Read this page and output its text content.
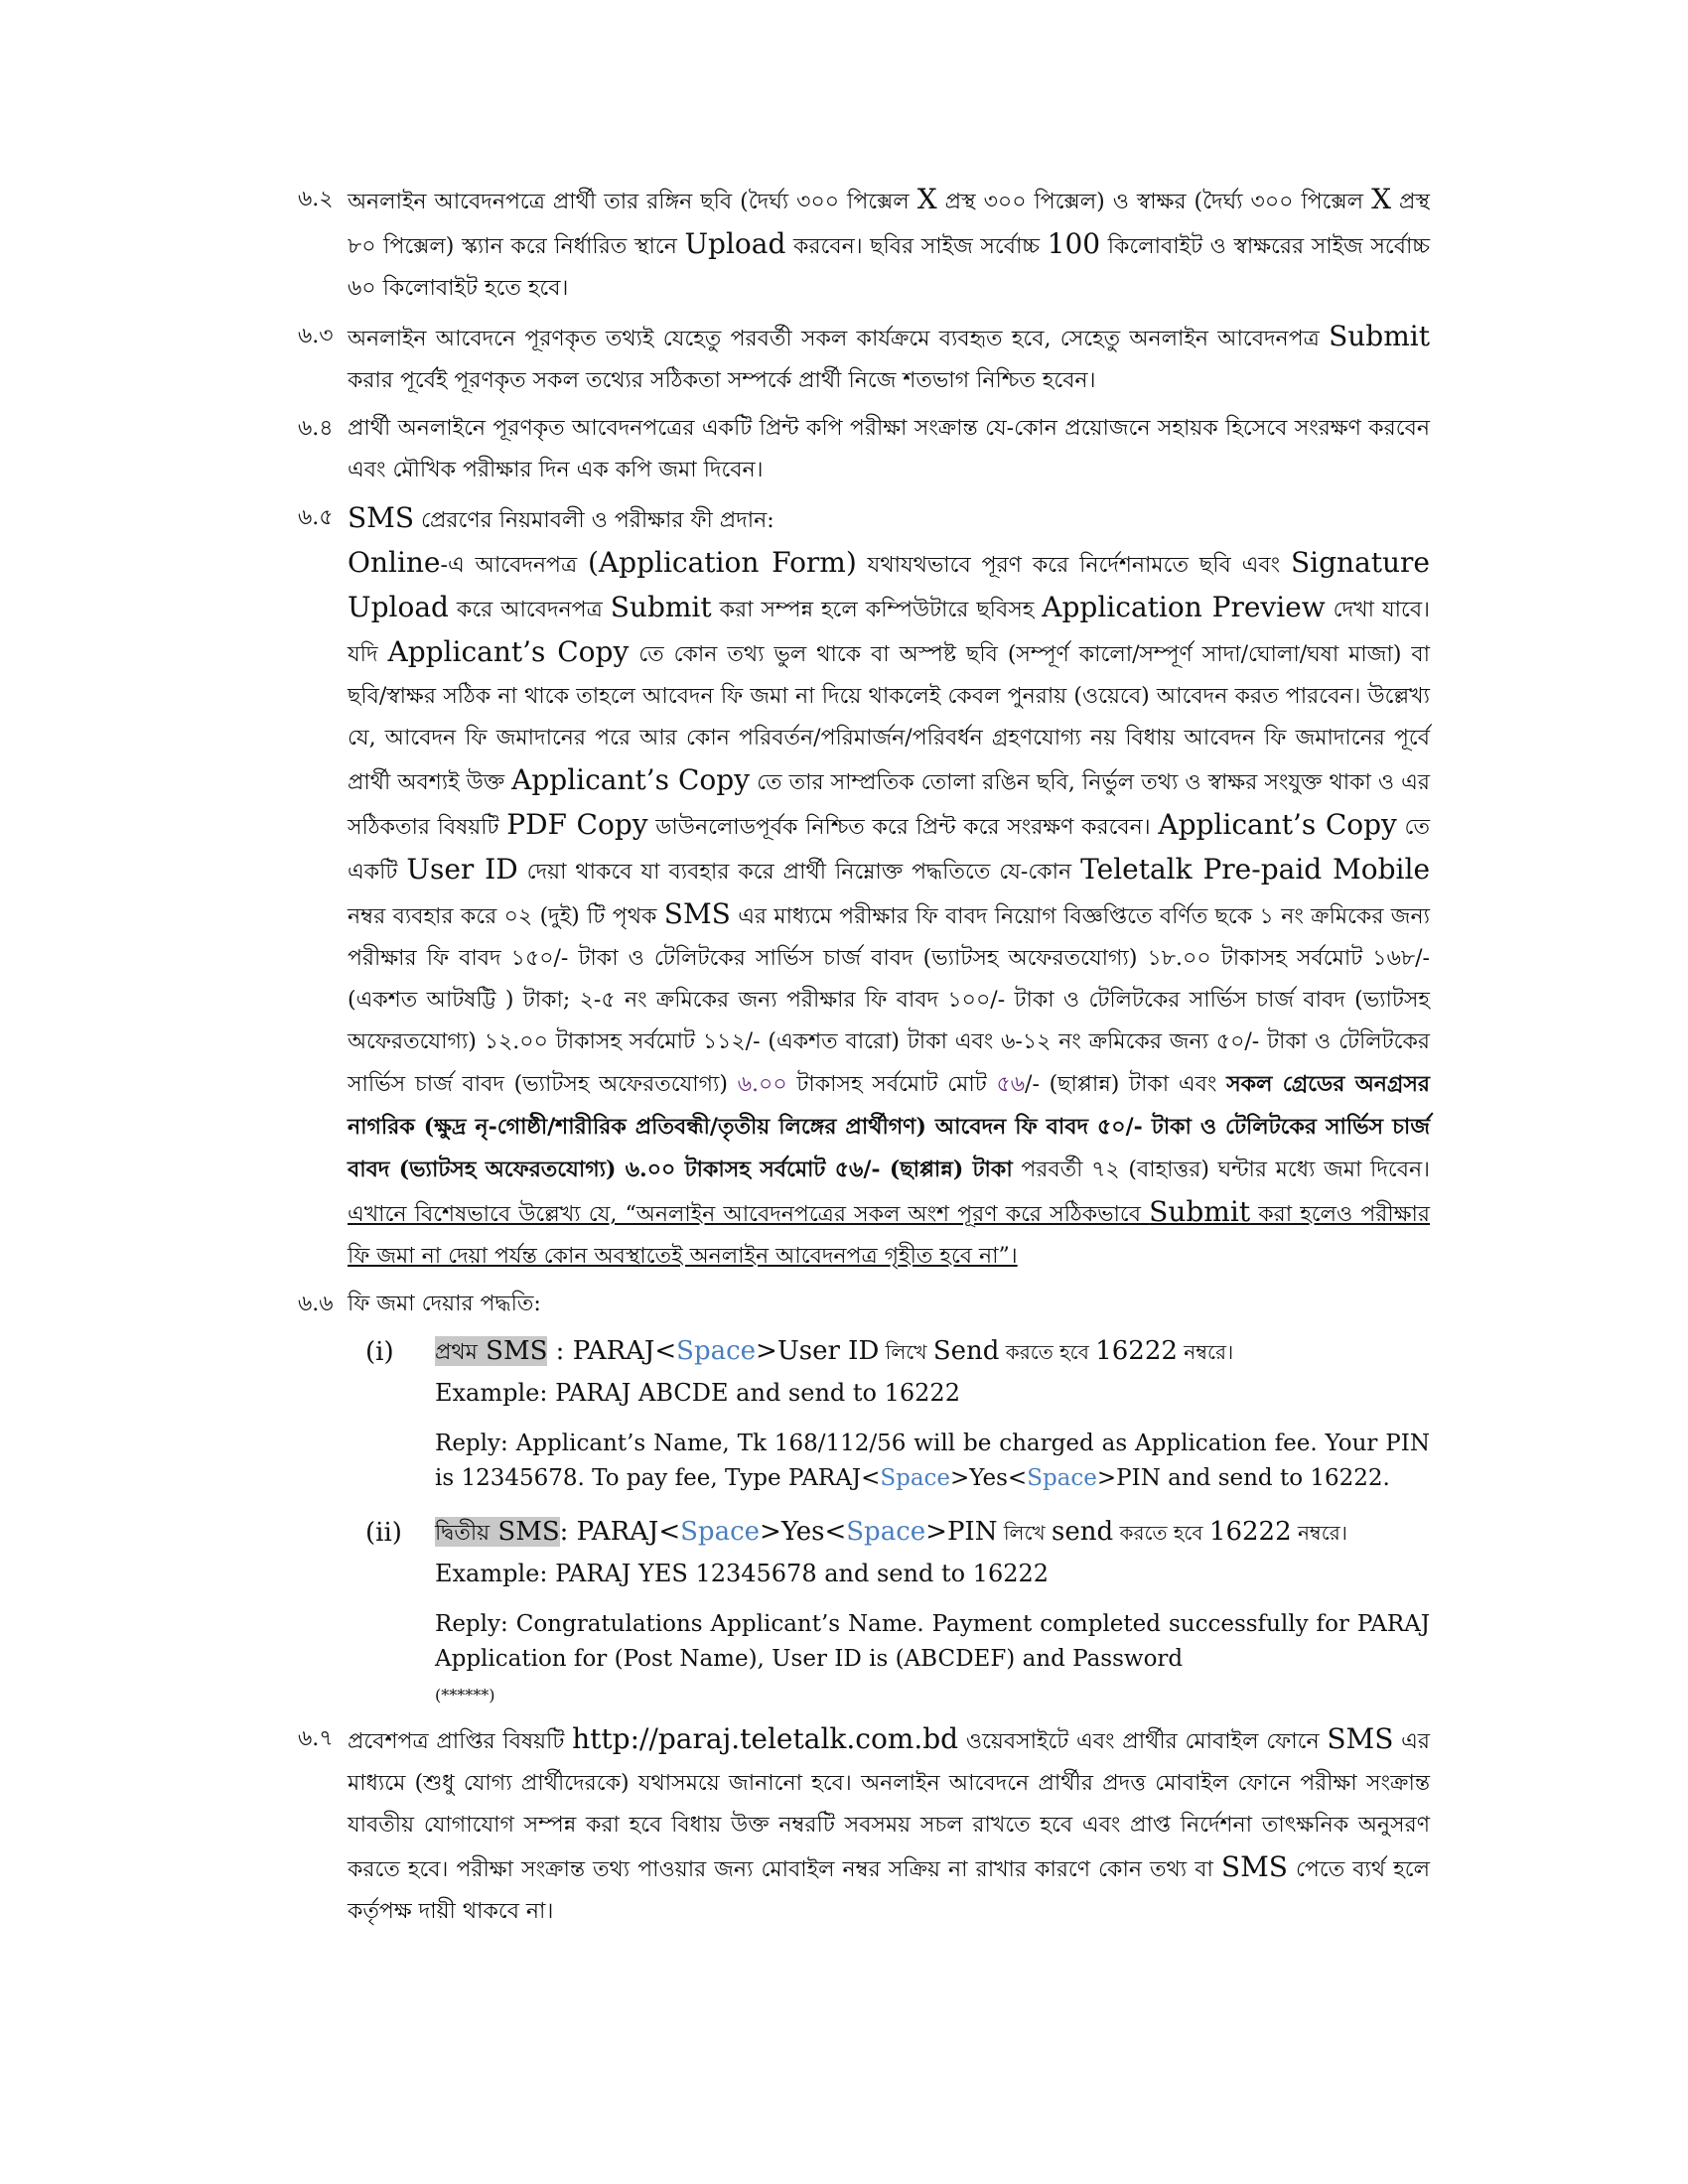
৬.২ অনলাইন আবেদনপত্রে প্রার্থী তার রঙ্গিন ছবি (দৈর্ঘ্য ৩০০ পিক্সেল X প্রস্থ ৩০০ পিক্সেল) ও স্বাক্ষর (দৈর্ঘ্য ৩০০ পিক্সেল X প্রস্থ ৮০ পিক্সেল) স্ক্যান করে নির্ধারিত স্থানে Upload করবেন। ছবির সাইজ সর্বোচ্চ 100 কিলোবাইট ও স্বাক্ষরের সাইজ সর্বোচ্চ ৬০ কিলোবাইট হতে হবে।

৬.৩ অনলাইন আবেদনে পূরণকৃত তথ্যই যেহেতু পরবর্তী সকল কার্যক্রমে ব্যবহৃত হবে, সেহেতু অনলাইন আবেদনপত্র Submit করার পূর্বেই পূরণকৃত সকল তথ্যের সঠিকতা সম্পর্কে প্রার্থী নিজে শতভাগ নিশ্চিত হবেন।

৬.৪ প্রার্থী অনলাইনে পূরণকৃত আবেদনপত্রের একটি প্রিন্ট কপি পরীক্ষা সংক্রান্ত যে-কোন প্রয়োজনে সহায়ক হিসেবে সংরক্ষণ করবেন এবং মৌখিক পরীক্ষার দিন এক কপি জমা দিবেন।

৬.৫ SMS প্রেরণের নিয়মাবলী ও পরীক্ষার ফী প্রদান:

Online-এ আবেদনপত্র (Application Form) যথাযথভাবে পূরণ করে নির্দেশনামতে ছবি এবং Signature Upload করে আবেদনপত্র Submit করা সম্পন্ন হলে কম্পিউটারে ছবিসহ Application Preview দেখা যাবে। যদি Applicant’s Copy তে কোন তথ্য ভুল থাকে বা অস্পষ্ট ছবি (সম্পূর্ণ কালো/সম্পূর্ণ সাদা/ঘোলা/ঘষা মাজা) বা ছবি/স্বাক্ষর সঠিক না থাকে তাহলে আবেদন ফি জমা না দিয়ে থাকলেই কেবল পুনরায় (ওয়েবে) আবেদন করত পারবেন। উল্লেখ্য যে, আবেদন ফি জমাদানের পরে আর কোন পরিবর্তন/পরিমার্জন/পরিবর্ধন গ্রহণযোগ্য নয় বিধায় আবেদন ফি জমাদানের পূর্বে প্রার্থী অবশ্যই উক্ত Applicant’s Copy তে তার সাম্প্রতিক তোলা রঙিন ছবি, নির্ভুল তথ্য ও স্বাক্ষর সংযুক্ত থাকা ও এর সঠিকতার বিষয়টি PDF Copy ডাউনলোডপূর্বক নিশ্চিত করে প্রিন্ট করে সংরক্ষণ করবেন। Applicant’s Copy তে একটি User ID দেয়া থাকবে যা ব্যবহার করে প্রার্থী নিম্নোক্ত পদ্ধতিতে যে-কোন Teletalk Pre-paid Mobile নম্বর ব্যবহার করে ০২ (দুই) টি পৃথক SMS এর মাধ্যমে পরীক্ষার ফি বাবদ নিয়োগ বিজ্ঞপ্তিতে বর্ণিত ছকে ১ নং ক্রমিকের জন্য পরীক্ষার ফি বাবদ ১৫০/- টাকা ও টেলিটকের সার্ভিস চার্জ বাবদ (ভ্যাটসহ অফেরতযোগ্য) ১৮.০০ টাকাসহ সর্বমোট ১৬৮/- (একশত আটষট্টি ) টাকা; ২-৫ নং ক্রমিকের জন্য পরীক্ষার ফি বাবদ ১০০/- টাকা ও টেলিটকের সার্ভিস চার্জ বাবদ (ভ্যাটসহ অফেরতযোগ্য) ১২.০০ টাকাসহ সর্বমোট ১১২/- (একশত বারো) টাকা এবং ৬-১২ নং ক্রমিকের জন্য ৫০/- টাকা ও টেলিটকের সার্ভিস চার্জ বাবদ (ভ্যাটসহ অফেরতযোগ্য) ৬.০০ টাকাসহ সর্বমোট মোট ৫৬/- (ছাপ্পান্ন) টাকা এবং সকল গ্রেডের অনগ্রসর নাগরিক (ক্ষুদ্র নৃ-গোষ্ঠী/শারীরিক প্রতিবন্ধী/তৃতীয় লিঙ্গের প্রার্থীগণ) আবেদন ফি বাবদ ৫০/- টাকা ও টেলিটকের সার্ভিস চার্জ বাবদ (ভ্যাটসহ অফেরতযোগ্য) ৬.০০ টাকাসহ সর্বমোট ৫৬/- (ছাপ্পান্ন) টাকা পরবর্তী ৭২ (বাহাত্তর) ঘন্টার মধ্যে জমা দিবেন। এখানে বিশেষভাবে উল্লেখ্য যে, “অনলাইন আবেদনপত্রের সকল অংশ পূরণ করে সঠিকভাবে Submit করা হলেও পরীক্ষার ফি জমা না দেয়া পর্যন্ত কোন অবস্থাতেই অনলাইন আবেদনপত্র গৃহীত হবে না”।

৬.৬ ফি জমা দেয়ার পদ্ধতি:

(i) প্রথম SMS : PARAJ<Space>User ID লিখে Send করতে হবে 16222 নম্বরে।

Example: PARAJ ABCDE and send to 16222

Reply: Applicant’s Name, Tk 168/112/56 will be charged as Application fee. Your PIN is 12345678. To pay fee, Type PARAJ<Space>Yes<Space>PIN and send to 16222.

(ii) দ্বিতীয় SMS: PARAJ<Space>Yes<Space>PIN লিখে send করতে হবে 16222 নম্বরে।

Example: PARAJ YES 12345678 and send to 16222

Reply: Congratulations Applicant’s Name. Payment completed successfully for PARAJ Application for (Post Name), User ID is (ABCDEF) and Password
(******)

৬.৭ প্রবেশপত্র প্রাপ্তির বিষয়টি http://paraj.teletalk.com.bd ওয়েবসাইটে এবং প্রার্থীর মোবাইল ফোনে SMS এর মাধ্যমে (শুধু যোগ্য প্রার্থীদেরকে) যথাসময়ে জানানো হবে। অনলাইন আবেদনে প্রার্থীর প্রদত্ত মোবাইল ফোনে পরীক্ষা সংক্রান্ত যাবতীয় যোগাযোগ সম্পন্ন করা হবে বিধায় উক্ত নম্বরটি সবসময় সচল রাখতে হবে এবং প্রাপ্ত নির্দেশনা তাৎক্ষনিক অনুসরণ করতে হবে। পরীক্ষা সংক্রান্ত তথ্য পাওয়ার জন্য মোবাইল নম্বর সক্রিয় না রাখার কারণে কোন তথ্য বা SMS পেতে ব্যর্থ হলে কর্তৃপক্ষ দায়ী থাকবে না।
